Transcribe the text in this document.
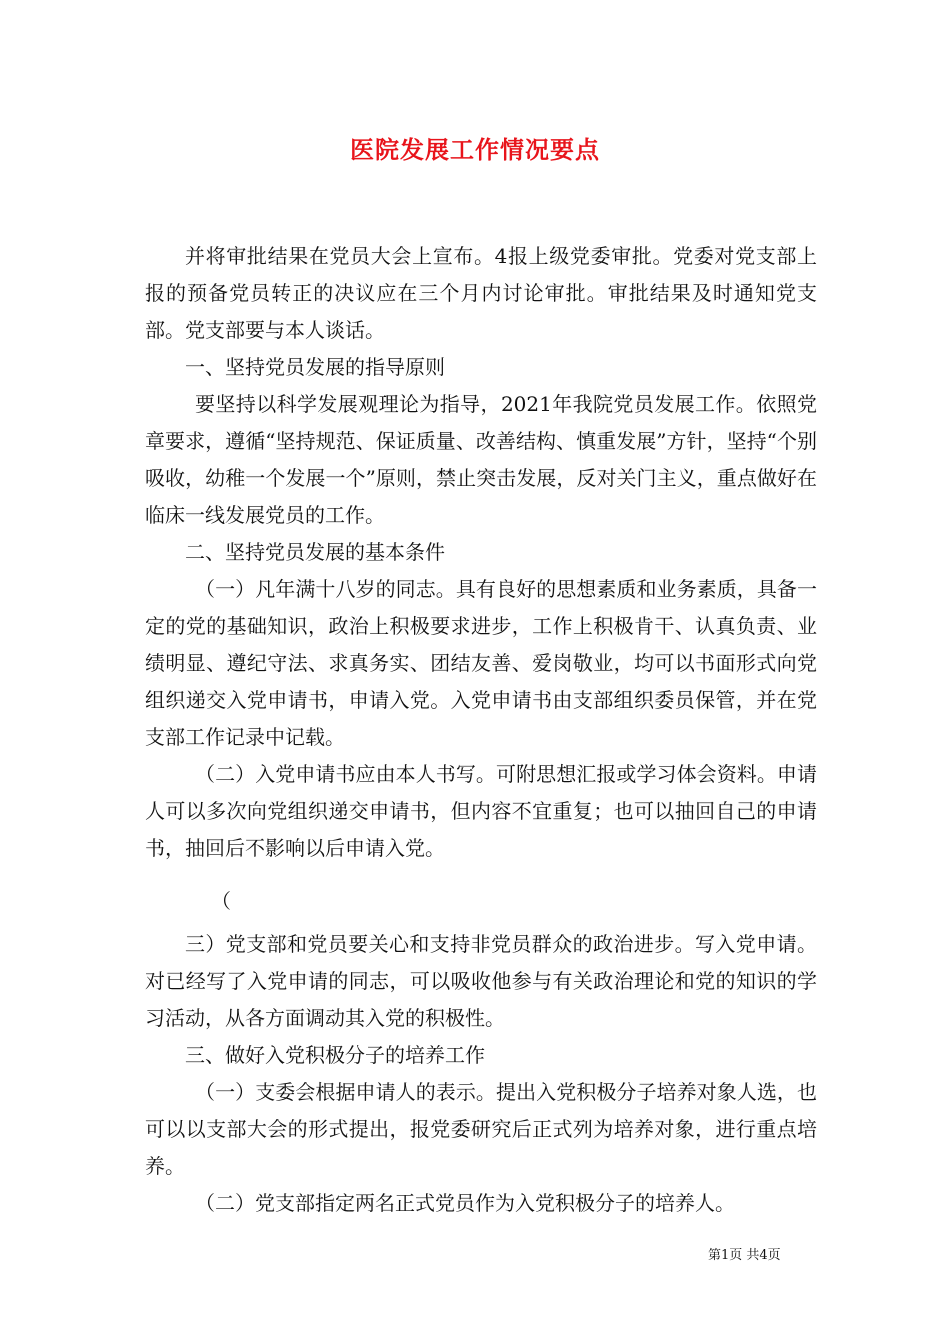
医院发展工作情况要点

并将审批结果在党员大会上宣布。4报上级党委审批。党委对党支部上报的预备党员转正的决议应在三个月内讨论审批。审批结果及时通知党支部。党支部要与本人谈话。

一、坚持党员发展的指导原则

要坚持以科学发展观理论为指导，2021年我院党员发展工作。依照党章要求，遵循“坚持规范、保证质量、改善结构、慎重发展”方针，坚持“个别吸收，幼稚一个发展一个”原则，禁止突击发展，反对关门主义，重点做好在临床一线发展党员的工作。

二、坚持党员发展的基本条件

（一）凡年满十八岁的同志。具有良好的思想素质和业务素质，具备一定的党的基础知识，政治上积极要求进步，工作上积极肯干、认真负责、业绩明显、遵纪守法、求真务实、团结友善、爱岗敬业，均可以书面形式向党组织递交入党申请书，申请入党。入党申请书由支部组织委员保管，并在党支部工作记录中记载。

（二）入党申请书应由本人书写。可附思想汇报或学习体会资料。申请人可以多次向党组织递交申请书，但内容不宜重复；也可以抽回自己的申请书，抽回后不影响以后申请入党。

（

三）党支部和党员要关心和支持非党员群众的政治进步。写入党申请。对已经写了入党申请的同志，可以吸收他参与有关政治理论和党的知识的学习活动，从各方面调动其入党的积极性。

三、做好入党积极分子的培养工作

（一）支委会根据申请人的表示。提出入党积极分子培养对象人选，也可以以支部大会的形式提出，报党委研究后正式列为培养对象，进行重点培养。

（二）党支部指定两名正式党员作为入党积极分子的培养人。

第1页 共4页
